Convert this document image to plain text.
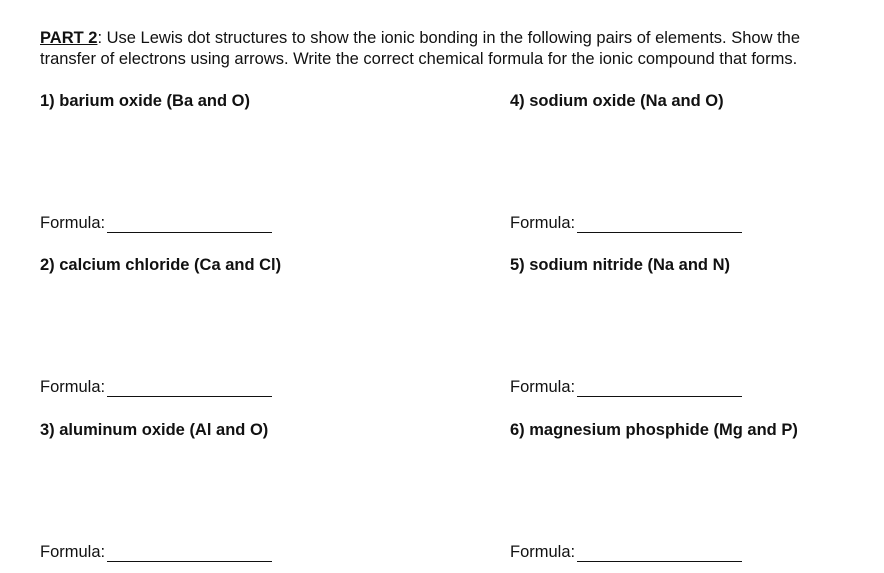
PART 2: Use Lewis dot structures to show the ionic bonding in the following pairs of elements. Show the
transfer of electrons using arrows. Write the correct chemical formula for the ionic compound that forms.
1) barium oxide (Ba and O)
Formula:
2) calcium chloride (Ca and Cl)
Formula:
3) aluminum oxide (Al and O)
Formula:
4) sodium oxide (Na and O)
Formula:
5) sodium nitride (Na and N)
Formula:
6) magnesium phosphide (Mg and P)
Formula:
